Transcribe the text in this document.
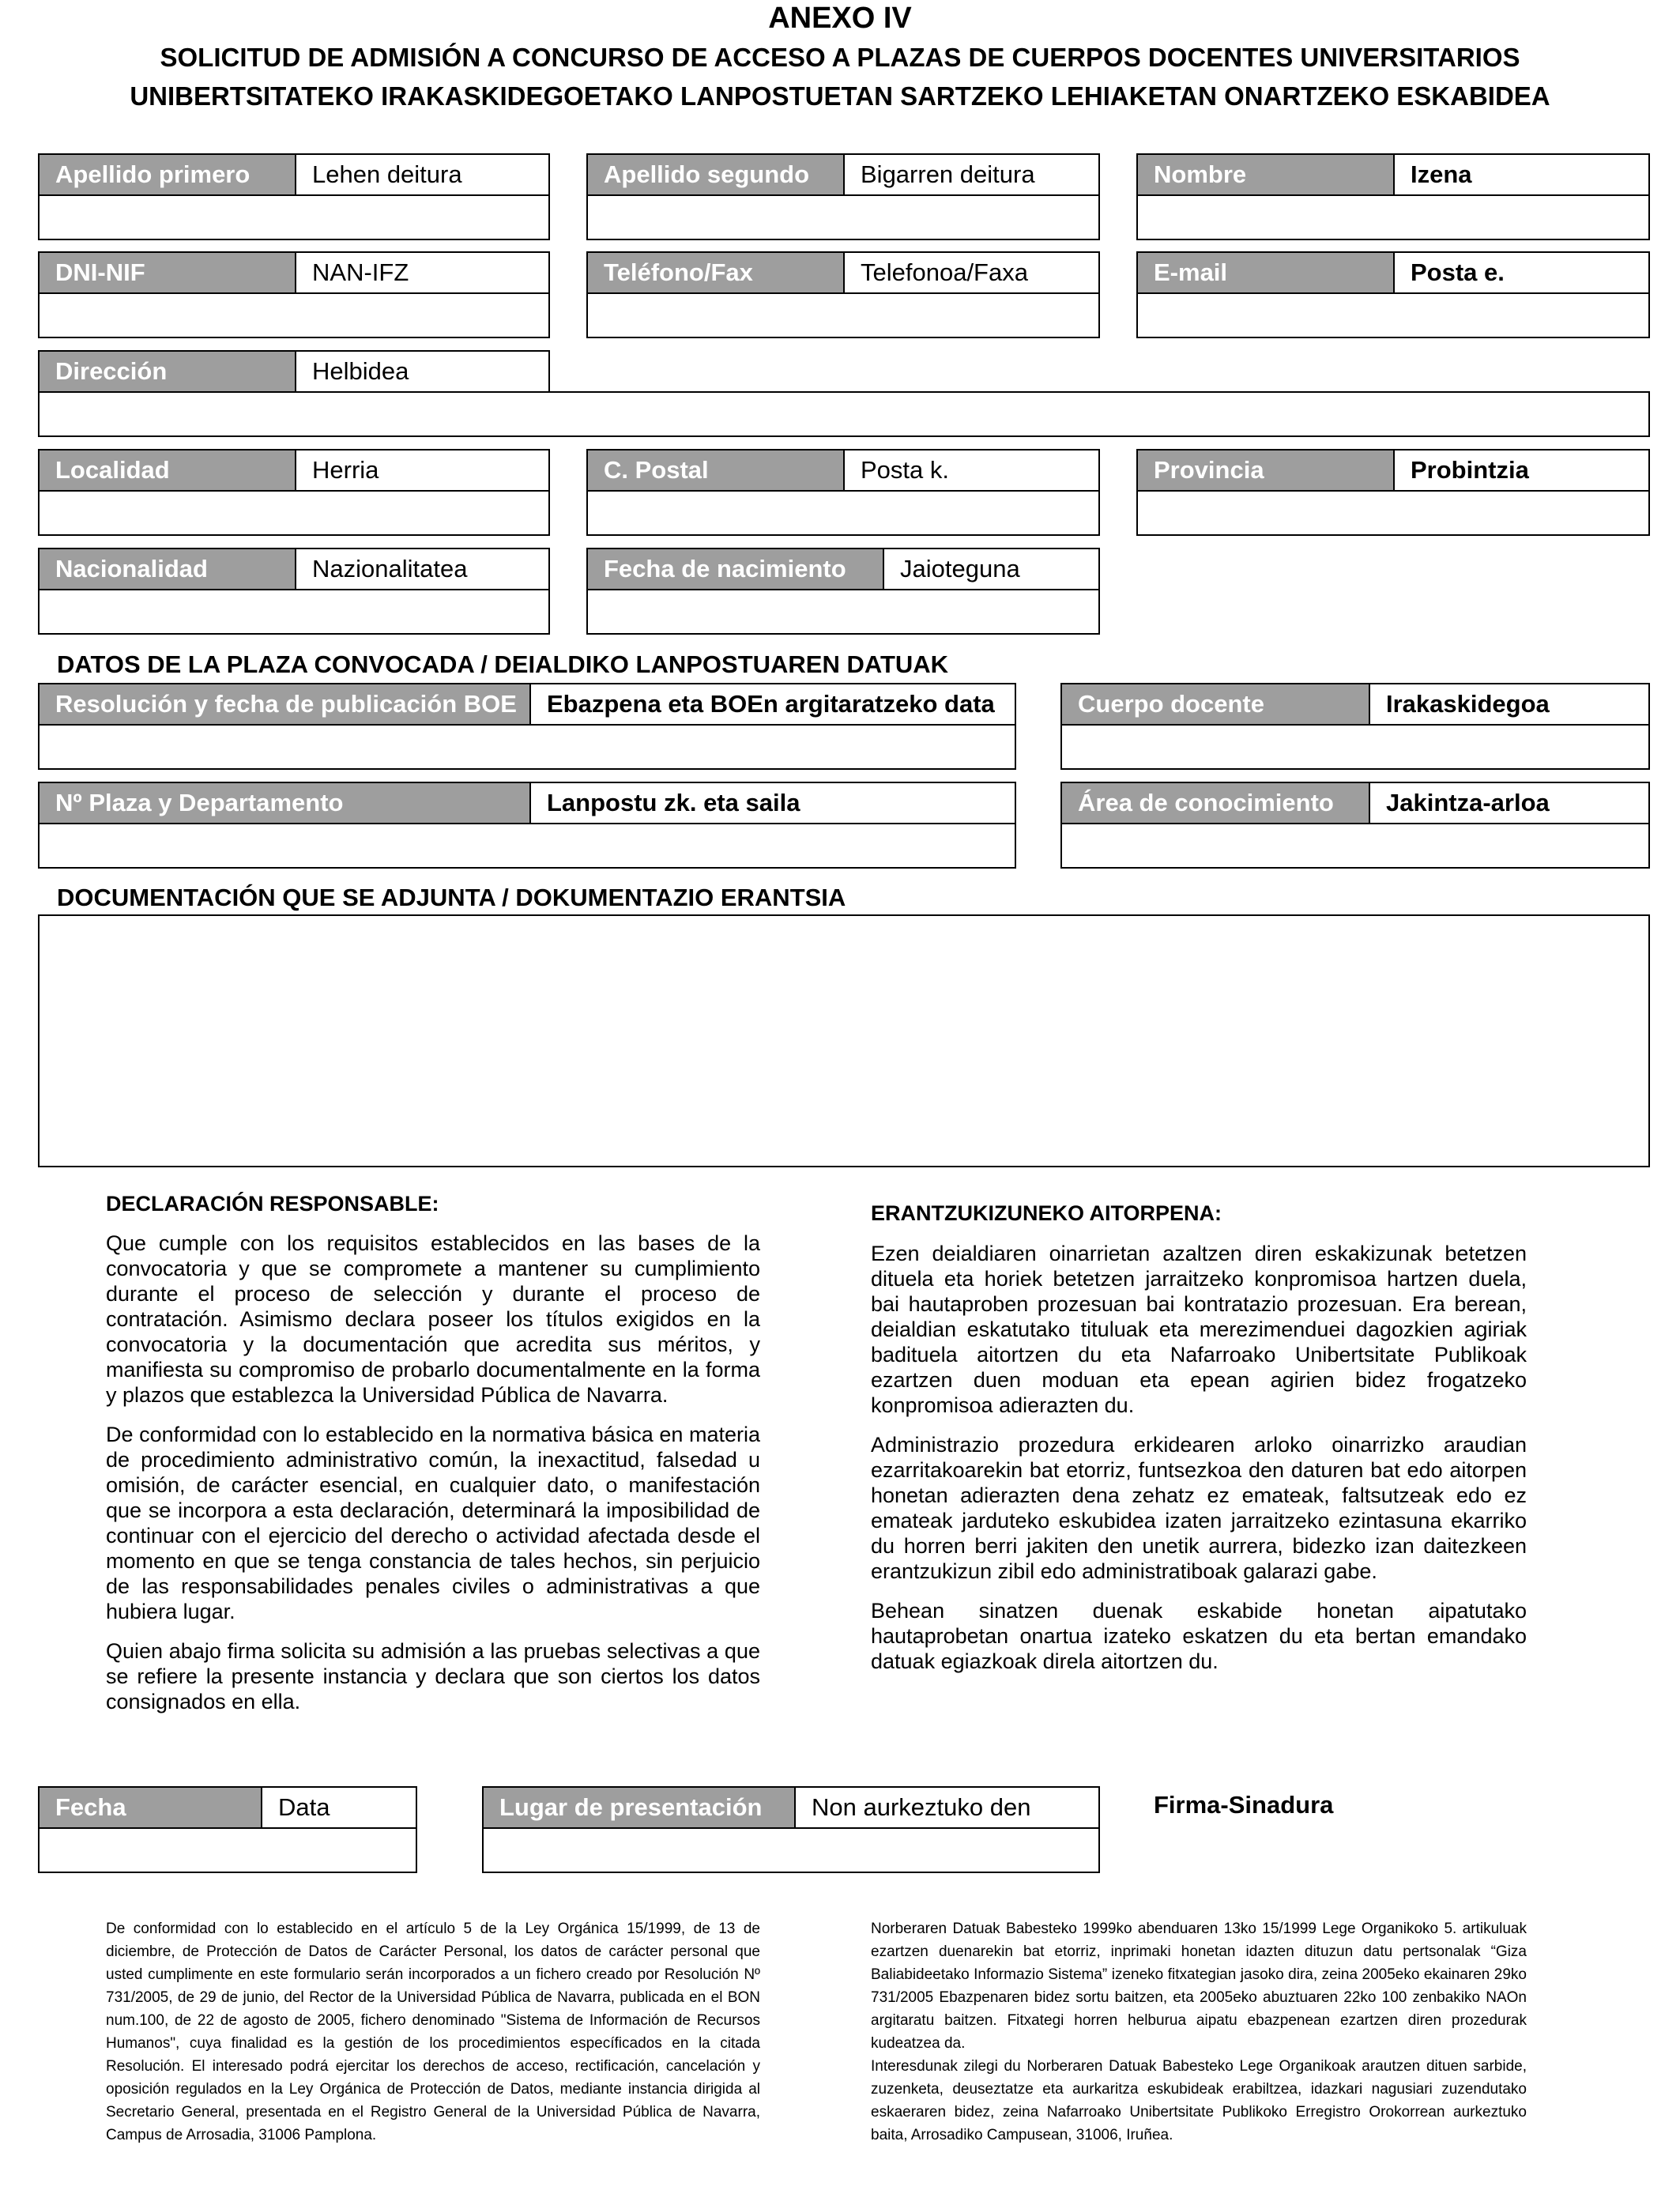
ANEXO IV
SOLICITUD DE ADMISIÓN A CONCURSO DE ACCESO A PLAZAS DE CUERPOS DOCENTES UNIVERSITARIOS
UNIBERTSITATEKO IRAKASKIDEGOETAKO LANPOSTUETAN SARTZEKO LEHIAKETAN ONARTZEKO ESKABIDEA
Apellido primero	Lehen deitura	Apellido segundo	Bigarren deitura	Nombre	Izena
DNI-NIF	NAN-IFZ	Teléfono/Fax	Telefonoa/Faxa	E-mail	Posta e.
Dirección	Helbidea
Localidad	Herria	C. Postal	Posta k.	Provincia	Probintzia
Nacionalidad	Nazionalitatea	Fecha de nacimiento	Jaioteguna
DATOS DE LA PLAZA CONVOCADA / DEIALDIKO LANPOSTUAREN DATUAK
Resolución y fecha de publicación BOE	Ebazpena eta BOEn argitaratzeko data	Cuerpo docente	Irakaskidegoa
Nº Plaza y Departamento	Lanpostu zk. eta saila	Área de conocimiento	Jakintza-arloa
DOCUMENTACIÓN QUE SE ADJUNTA / DOKUMENTAZIO ERANTSIA
DECLARACIÓN RESPONSABLE:

Que cumple con los requisitos establecidos en las bases de la convocatoria y que se compromete a mantener su cumplimiento durante el proceso de selección y durante el proceso de contratación. Asimismo declara poseer los títulos exigidos en la convocatoria y la documentación que acredita sus méritos, y manifiesta su compromiso de probarlo documentalmente en la forma y plazos que establezca la Universidad Pública de Navarra.

De conformidad con lo establecido en la normativa básica en materia de procedimiento administrativo común, la inexactitud, falsedad u omisión, de carácter esencial, en cualquier dato, o manifestación que se incorpora a esta declaración, determinará la imposibilidad de continuar con el ejercicio del derecho o actividad afectada desde el momento en que se tenga constancia de tales hechos, sin perjuicio de las responsabilidades penales civiles o administrativas a que hubiera lugar.

Quien abajo firma solicita su admisión a las pruebas selectivas a que se refiere la presente instancia y declara que son ciertos los datos consignados en ella.

ERANTZUKIZUNEKO AITORPENA:

Ezen deialdiaren oinarrietan azaltzen diren eskakizunak betetzen dituela eta horiek betetzen jarraitzeko konpromisoa hartzen duela, bai hautaproben prozesuan bai kontratazio prozesuan. Era berean, deialdian eskatutako tituluak eta merezimenduei dagozkien agiriak badituela aitortzen du eta Nafarroako Unibertsitate Publikoak ezartzen duen moduan eta epean agirien bidez frogatzeko konpromisoa adierazten du.

Administrazio prozedura erkidearen arloko oinarrizko araudian ezarritakoarekin bat etorriz, funtsezkoa den daturen bat edo aitorpen honetan adierazten dena zehatz ez emateak, faltsutzeak edo ez emateak jarduteko eskubidea izaten jarraitzeko ezintasuna ekarriko du horren berri jakiten den unetik aurrera, bidezko izan daitezkeen erantzukizun zibil edo administratiboak galarazi gabe.

Behean sinatzen duenak eskabide honetan aipatutako hautaprobetan onartua izateko eskatzen du eta bertan emandako datuak egiazkoak direla aitortzen du.

Fecha	Data	Lugar de presentación	Non aurkeztuko den	Firma-Sinadura
De conformidad con lo establecido en el artículo 5 de la Ley Orgánica 15/1999, de 13 de diciembre, de Protección de Datos de Carácter Personal, los datos de carácter personal que usted cumplimente en este formulario serán incorporados a un fichero creado por Resolución Nº 731/2005, de 29 de junio, del Rector de la Universidad Pública de Navarra, publicada en el BON num.100, de 22 de agosto de 2005, fichero denominado "Sistema de Información de Recursos Humanos", cuya finalidad es la gestión de los procedimientos específicados en la citada Resolución. El interesado podrá ejercitar los derechos de acceso, rectificación, cancelación y oposición regulados en la Ley Orgánica de Protección de Datos, mediante instancia dirigida al Secretario General, presentada en el Registro General de la Universidad Pública de Navarra, Campus de Arrosadia, 31006 Pamplona.
Norberaren Datuak Babesteko 1999ko abenduaren 13ko 15/1999 Lege Organikoko 5. artikuluak ezartzen duenarekin bat etorriz, inprimaki honetan idazten dituzun datu pertsonalak “Giza Baliabideetako Informazio Sistema” izeneko fitxategian jasoko dira, zeina 2005eko ekainaren 29ko 731/2005 Ebazpenaren bidez sortu baitzen, eta 2005eko abuztuaren 22ko 100 zenbakiko NAOn argitaratu baitzen. Fitxategi horren helburua aipatu ebazpenean ezartzen diren prozedurak kudeatzea da.
Interesdunak zilegi du Norberaren Datuak Babesteko Lege Organikoak arautzen dituen sarbide, zuzenketa, deuseztatze eta aurkaritza eskubideak erabiltzea, idazkari nagusiari zuzendutako eskaeraren bidez, zeina Nafarroako Unibertsitate Publikoko Erregistro Orokorrean aurkeztuko baita, Arrosadiko Campusean, 31006, Iruñea.
